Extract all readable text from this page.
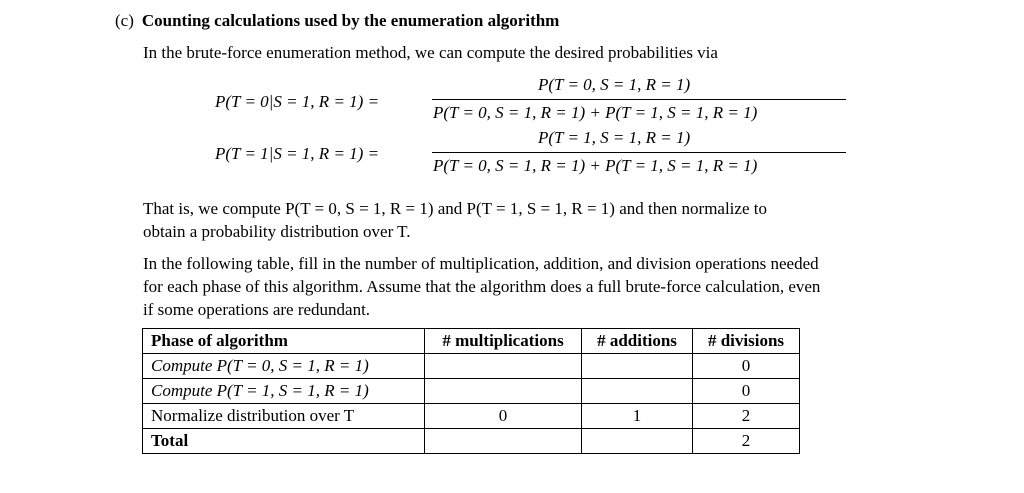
(c) Counting calculations used by the enumeration algorithm
In the brute-force enumeration method, we can compute the desired probabilities via
P(T = 0|S = 1, R = 1) =
P(T = 0, S = 1, R = 1)
P(T = 0, S = 1, R = 1) + P(T = 1, S = 1, R = 1)
P(T = 1|S = 1, R = 1) =
P(T = 1, S = 1, R = 1)
P(T = 0, S = 1, R = 1) + P(T = 1, S = 1, R = 1)
That is, we compute P(T = 0, S = 1, R = 1) and P(T = 1, S = 1, R = 1) and then normalize to
obtain a probability distribution over T.
In the following table, fill in the number of multiplication, addition, and division operations needed
for each phase of this algorithm. Assume that the algorithm does a full brute-force calculation, even
if some operations are redundant.
Phase of algorithm	# multiplications	# additions	# divisions
Compute P(T = 0, S = 1, R = 1)			0
Compute P(T = 1, S = 1, R = 1)			0
Normalize distribution over T	0	1	2
Total			2
